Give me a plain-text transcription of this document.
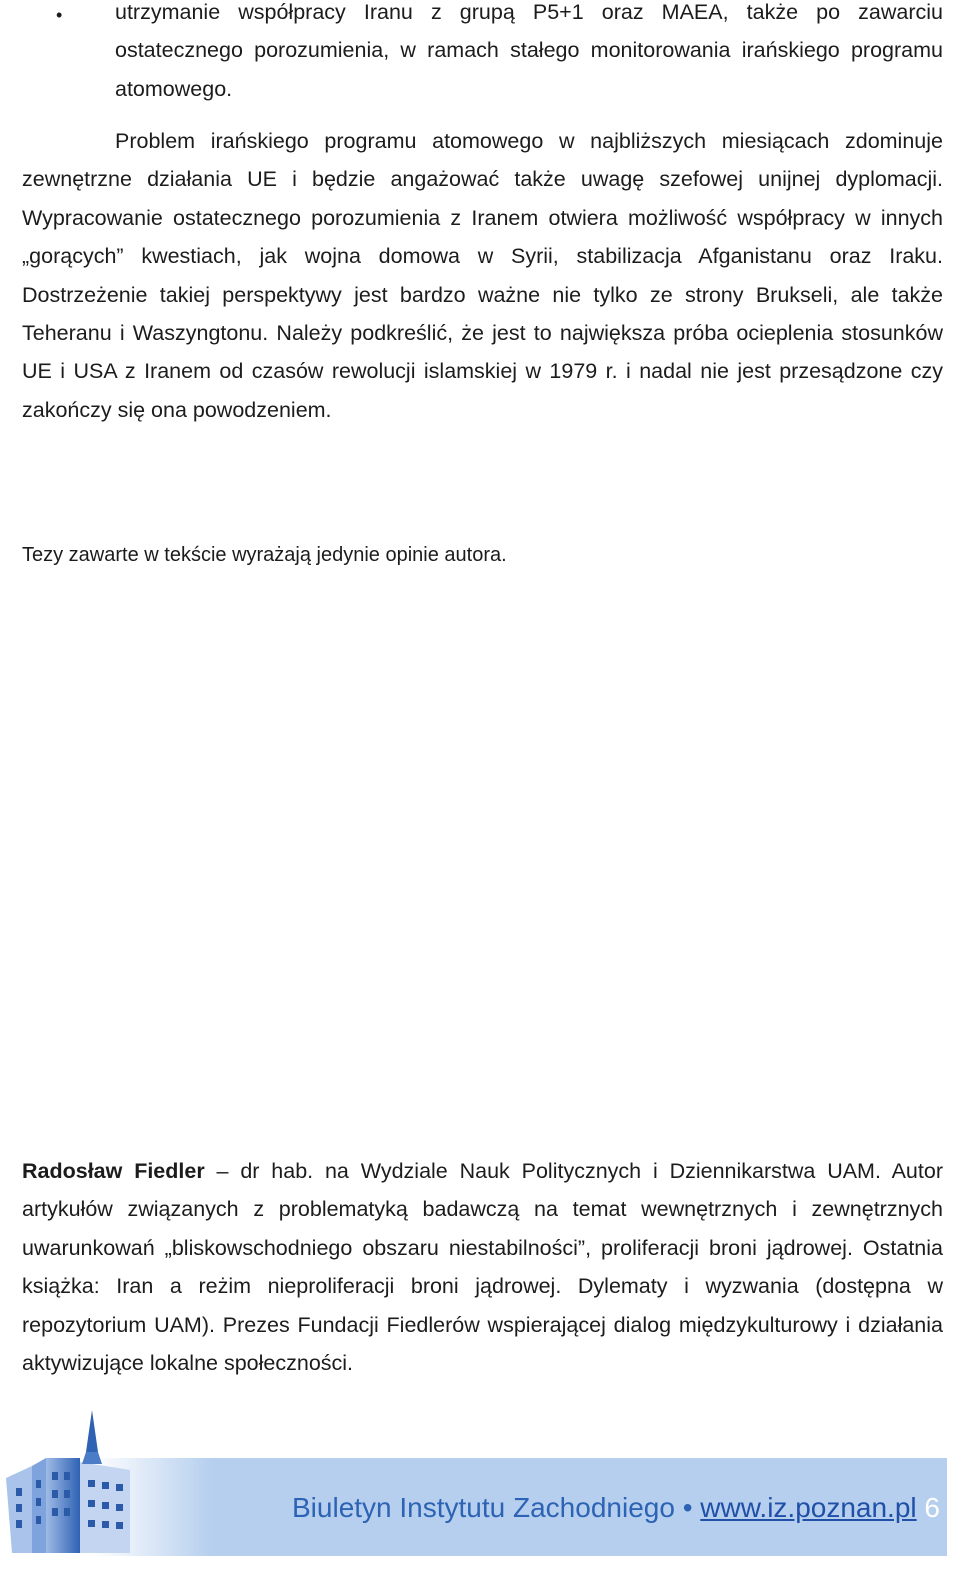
• utrzymanie współpracy Iranu z grupą P5+1 oraz MAEA, także po zawarciu ostatecznego porozumienia, w ramach stałego monitorowania irańskiego programu atomowego.

Problem irańskiego programu atomowego w najbliższych miesiącach zdominuje zewnętrzne działania UE i będzie angażować także uwagę szefowej unijnej dyplomacji. Wypracowanie ostatecznego porozumienia z Iranem otwiera możliwość współpracy w innych „gorących” kwestiach, jak wojna domowa w Syrii, stabilizacja Afganistanu oraz Iraku. Dostrzeżenie takiej perspektywy jest bardzo ważne nie tylko ze strony Brukseli, ale także Teheranu i Waszyngtonu. Należy podkreślić, że jest to największa próba ocieplenia stosunków UE i USA z Iranem od czasów rewolucji islamskiej w 1979 r. i nadal nie jest przesądzone czy zakończy się ona powodzeniem.

Tezy zawarte w tekście wyrażają jedynie opinie autora.

Radosław Fiedler – dr hab. na Wydziale Nauk Politycznych i Dziennikarstwa UAM. Autor artykułów związanych z problematyką badawczą na temat wewnętrznych i zewnętrznych uwarunkowań „bliskowschodniego obszaru niestabilności”, proliferacji broni jądrowej. Ostatnia książka: Iran a reżim nieproliferacji broni jądrowej. Dylematy i wyzwania (dostępna w repozytorium UAM). Prezes Fundacji Fiedlerów wspierającej dialog międzykulturowy i działania aktywizujące lokalne społeczności.

Biuletyn Instytutu Zachodniego • www.iz.poznan.pl 6
